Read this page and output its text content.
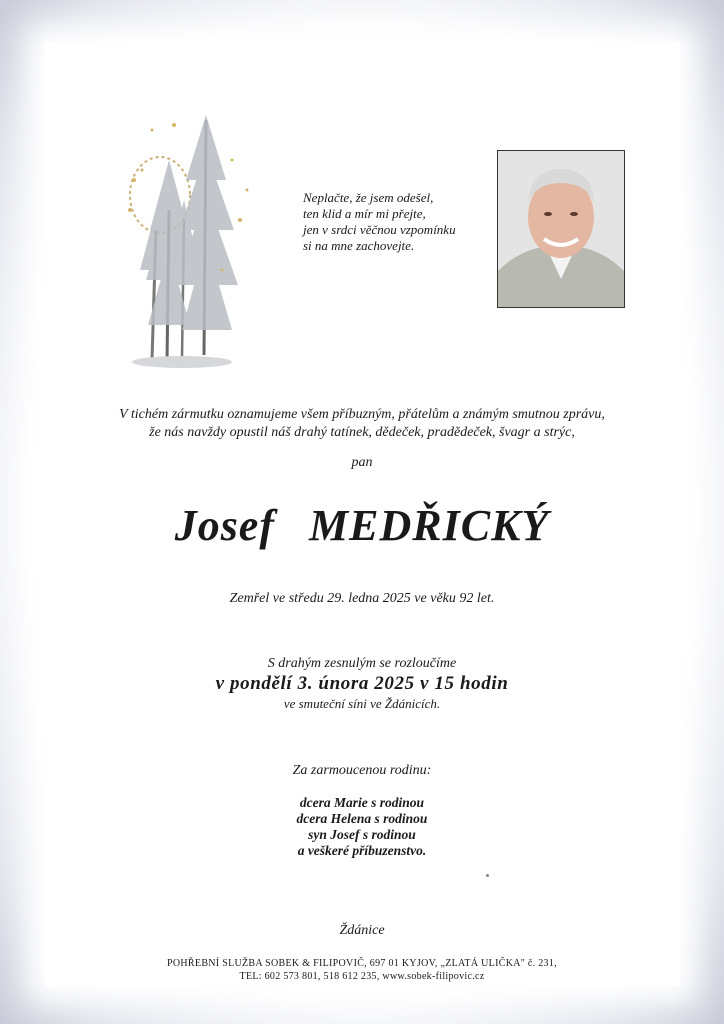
Neplačte, že jsem odešel,
ten klid a mír mi přejte,
jen v srdci věčnou vzpomínku
si na mne zachovejte.
V tichém zármutku oznamujeme všem příbuzným, přátelům a známým smutnou zprávu,
že nás navždy opustil náš drahý tatínek, dědeček, pradědeček, švagr a strýc,
pan
Josef MEDŘICKÝ
Zemřel ve středu 29. ledna 2025 ve věku 92 let.
S drahým zesnulým se rozloučíme
v pondělí 3. února 2025 v 15 hodin
ve smuteční síni ve Ždánicích.
Za zarmoucenou rodinu:
dcera Marie s rodinou
dcera Helena s rodinou
syn Josef s rodinou
a veškeré příbuzenstvo.
Ždánice
POHŘEBNÍ SLUŽBA SOBEK & FILIPOVIČ, 697 01 KYJOV, „ZLATÁ ULIČKA" č. 231,
TEL: 602 573 801, 518 612 235, www.sobek-filipovic.cz
